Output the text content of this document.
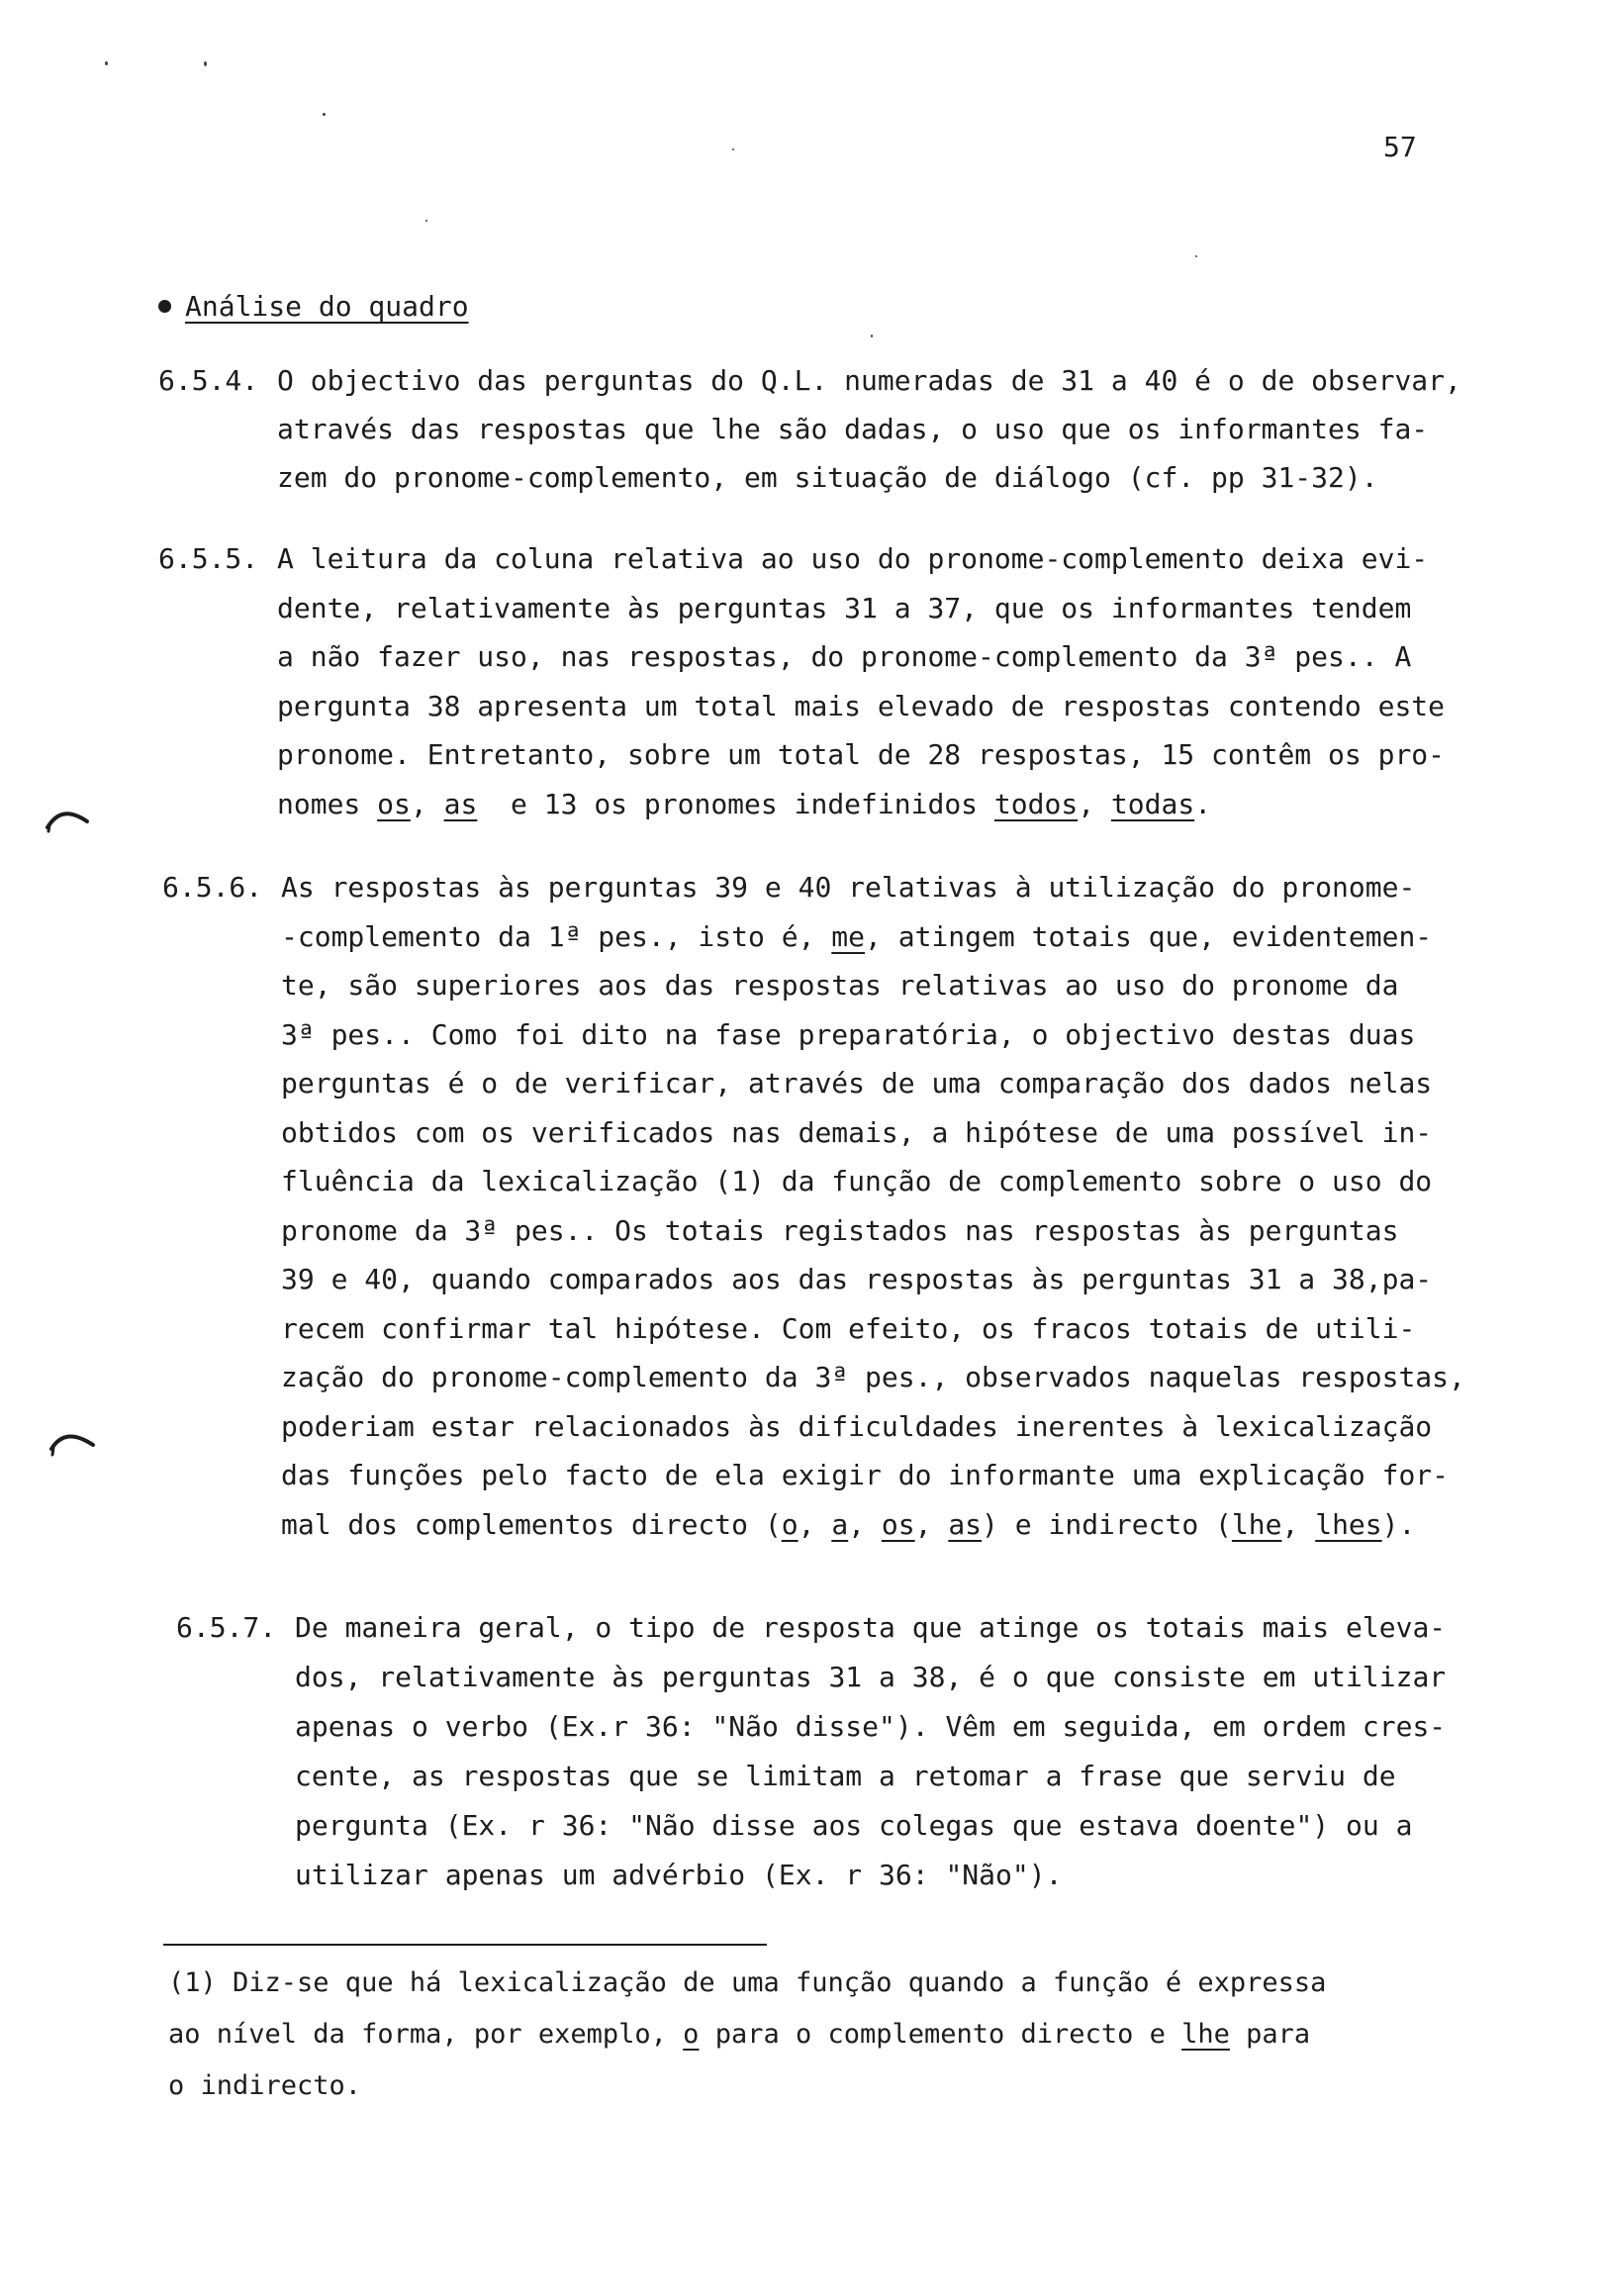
57
Análise do quadro
6.5.4. O objectivo das perguntas do Q.L. numeradas de 31 a 40 é o de observar,
através das respostas que lhe são dadas, o uso que os informantes fa-
zem do pronome-complemento, em situação de diálogo (cf. pp 31-32).
6.5.5. A leitura da coluna relativa ao uso do pronome-complemento deixa evi-
dente, relativamente às perguntas 31 a 37, que os informantes tendem
a não fazer uso, nas respostas, do pronome-complemento da 3ª pes.. A
pergunta 38 apresenta um total mais elevado de respostas contendo este
pronome. Entretanto, sobre um total de 28 respostas, 15 contêm os pro-
nomes os, as  e 13 os pronomes indefinidos todos, todas.
6.5.6. As respostas às perguntas 39 e 40 relativas à utilização do pronome-
-complemento da 1ª pes., isto é, me, atingem totais que, evidentemen-
te, são superiores aos das respostas relativas ao uso do pronome da
3ª pes.. Como foi dito na fase preparatória, o objectivo destas duas
perguntas é o de verificar, através de uma comparação dos dados nelas
obtidos com os verificados nas demais, a hipótese de uma possível in-
fluência da lexicalização (1) da função de complemento sobre o uso do
pronome da 3ª pes.. Os totais registados nas respostas às perguntas
39 e 40, quando comparados aos das respostas às perguntas 31 a 38,pa-
recem confirmar tal hipótese. Com efeito, os fracos totais de utili-
zação do pronome-complemento da 3ª pes., observados naquelas respostas,
poderiam estar relacionados às dificuldades inerentes à lexicalização
das funções pelo facto de ela exigir do informante uma explicação for-
mal dos complementos directo (o, a, os, as) e indirecto (lhe, lhes).
6.5.7. De maneira geral, o tipo de resposta que atinge os totais mais eleva-
dos, relativamente às perguntas 31 a 38, é o que consiste em utilizar
apenas o verbo (Ex.r 36: "Não disse"). Vêm em seguida, em ordem cres-
cente, as respostas que se limitam a retomar a frase que serviu de
pergunta (Ex. r 36: "Não disse aos colegas que estava doente") ou a
utilizar apenas um advérbio (Ex. r 36: "Não").
(1) Diz-se que há lexicalização de uma função quando a função é expressa
ao nível da forma, por exemplo, o para o complemento directo e lhe para
o indirecto.
